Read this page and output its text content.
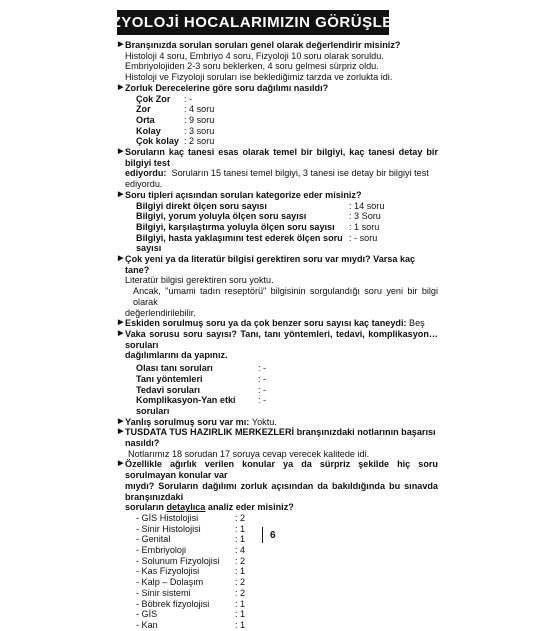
FİZYOLOJİ HOCALARIMIZIN GÖRÜŞLERİ
▶ Branşınızda sorulan soruları genel olarak değerlendirir misiniz?
Histoloji 4 soru, Embriyo 4 soru, Fizyoloji 10 soru olarak soruldu.
Embriyolojiden 2-3 soru beklerken, 4 soru gelmesi sürpriz oldu.
Histoloji ve Fizyoloji soruları ise beklediğimiz tarzda ve zorlukta idi.
▶ Zorluk Derecelerine göre soru dağılımı nasıldı?
Çok Zor	: -
Zor	: 4 soru
Orta	: 9 soru
Kolay	: 3 soru
Çok kolay : 2 soru
▶ Soruların kaç tanesi esas olarak temel bir bilgiyi, kaç tanesi detay bir bilgiyi test
ediyordu: Soruların 15 tanesi temel bilgiyi, 3 tanesi ise detay bir bilgiyi test ediyordu.
▶ Soru tipleri açısından soruları kategorize eder misiniz?
Bilgiyi direkt ölçen soru sayısı	: 14 soru
Bilgiyi, yorum yoluyla ölçen soru sayısı	: 3 Soru
Bilgiyi, karşılaştırma yoluyla ölçen soru sayısı	: 1 soru
Bilgiyi, hasta yaklaşımını test ederek ölçen soru sayısı
: - soru
▶ Çok yeni ya da literatür bilgisi gerektiren soru var mıydı? Varsa kaç tane?
Literatür bilgisi gerektiren soru yoktu.
Ancak, "umami tadın reseptörü" bilgisinin sorgulandığı soru yeni bir bilgi olarak
değerlendirilebilir.
▶ Eskiden sorulmuş soru ya da çok benzer soru sayısı kaç taneydi: Beş
▶ Vaka sorusu soru sayısı? Tanı, tanı yöntemleri, tedavi, komplikasyon… soruları
dağılımlarını da yapınız.
Olası tanı soruları	: -
Tanı yöntemleri	: -
Tedavi soruları	: -
Komplikasyon-Yan etki soruları
: -
▶ Yanlış sorulmuş soru var mı: Yoktu.
▶ TUSDATA TUS HAZIRLIK MERKEZLERİ branşınızdaki notlarının başarısı nasıldı?
Notlarımız 18 sorudan 17 soruya cevap verecek kalitede idi.
▶ Özellikle ağırlık verilen konular ya da sürpriz şekilde hiç soru sorulmayan konular var
mıydı? Soruların dağılımı zorluk açısından da bakıldığında bu sınavda branşınızdaki
soruların detaylıca analiz eder misiniz?
- GİS Histolojisi	: 2
- Sinir Histolojisi	: 1
- Genital	: 1
- Embriyoloji	: 4
- Solunum Fizyolojisi	: 2
- Kas Fizyolojisi	: 1
- Kalp – Dolaşım	: 2
- Sinir sistemi	: 2
- Böbrek fizyolojisi	: 1
- GİS	: 1
- Kan	: 1
6
